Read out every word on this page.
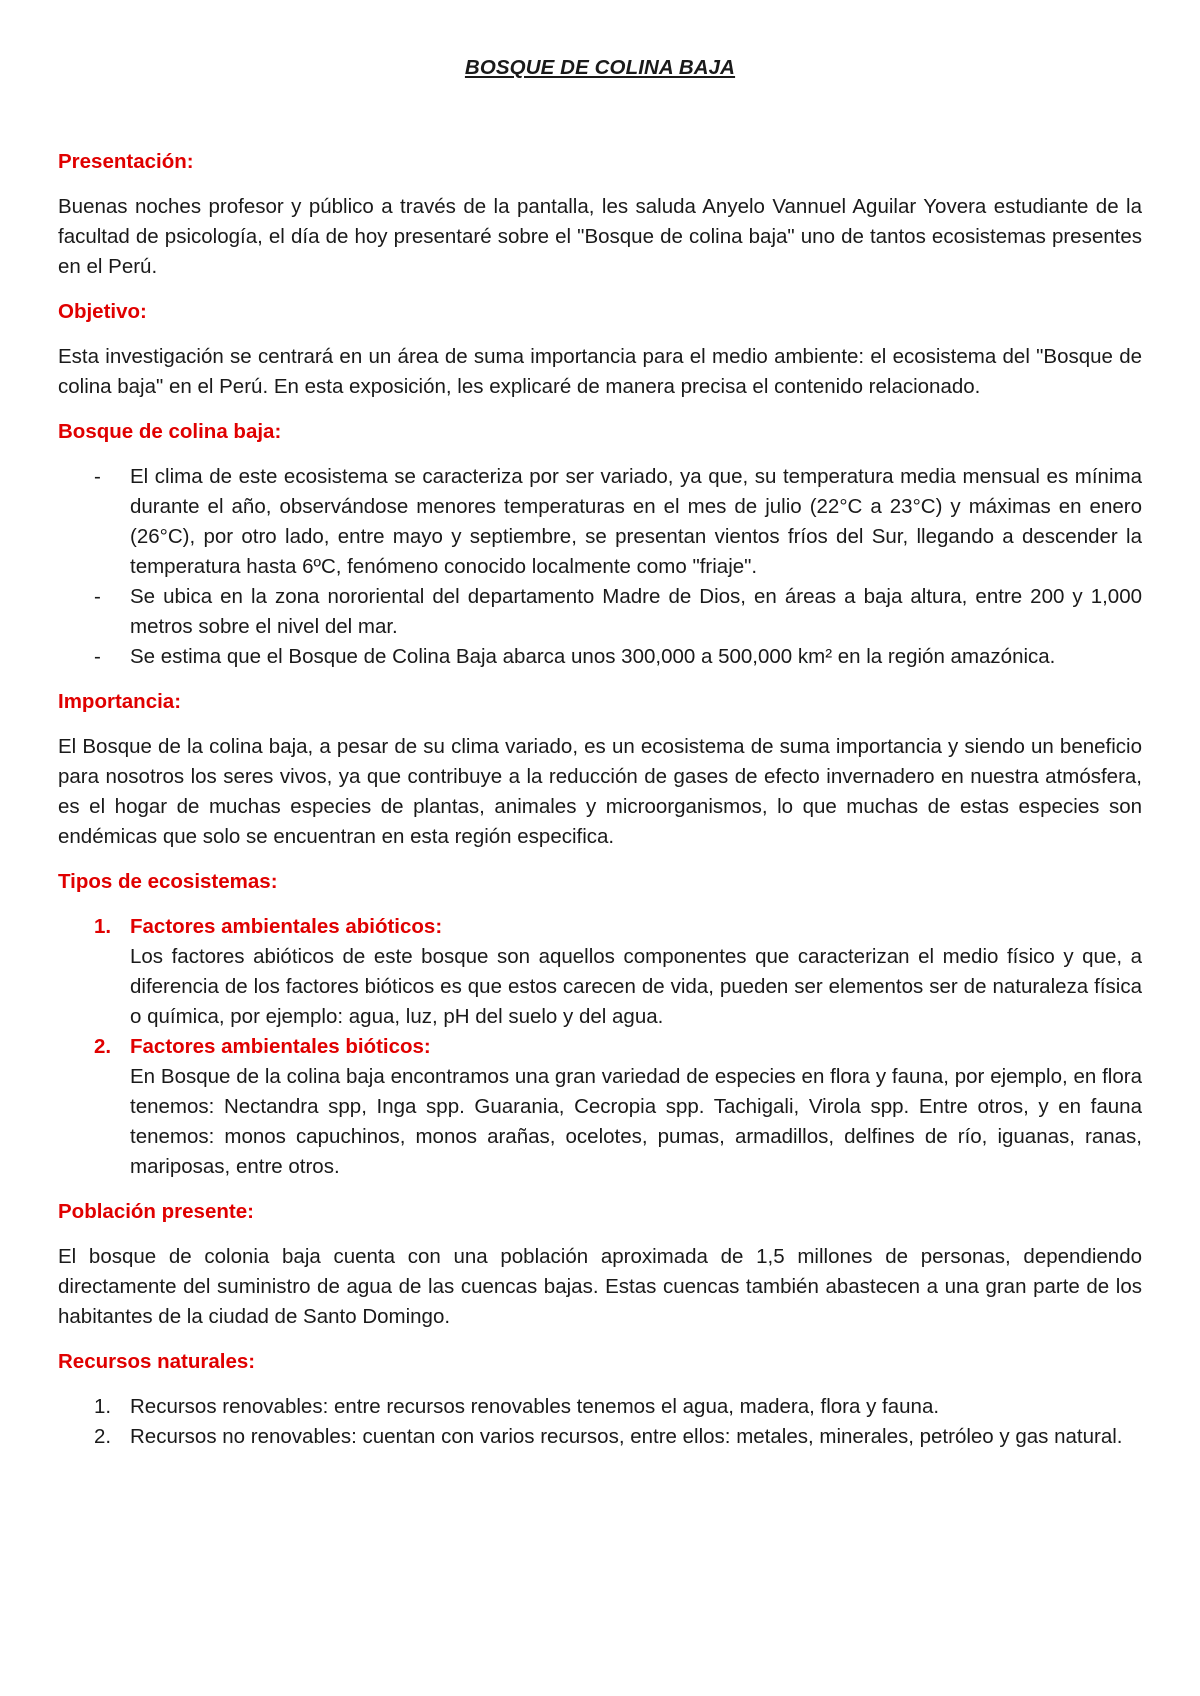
BOSQUE DE COLINA BAJA
Presentación:

Buenas noches profesor y público a través de la pantalla, les saluda Anyelo Vannuel Aguilar Yovera estudiante de la facultad de psicología, el día de hoy presentaré sobre el "Bosque de colina baja" uno de tantos ecosistemas presentes en el Perú.

Objetivo:

Esta investigación se centrará en un área de suma importancia para el medio ambiente: el ecosistema del "Bosque de colina baja" en el Perú. En esta exposición, les explicaré de manera precisa el contenido relacionado.

Bosque de colina baja:
- El clima de este ecosistema se caracteriza por ser variado, ya que, su temperatura media mensual es mínima durante el año, observándose menores temperaturas en el mes de julio (22°C a 23°C) y máximas en enero (26°C), por otro lado, entre mayo y septiembre, se presentan vientos fríos del Sur, llegando a descender la temperatura hasta 6ºC, fenómeno conocido localmente como "friaje".
- Se ubica en la zona nororiental del departamento Madre de Dios, en áreas a baja altura, entre 200 y 1,000 metros sobre el nivel del mar.
- Se estima que el Bosque de Colina Baja abarca unos 300,000 a 500,000 km² en la región amazónica.
Importancia:

El Bosque de la colina baja, a pesar de su clima variado, es un ecosistema de suma importancia y siendo un beneficio para nosotros los seres vivos, ya que contribuye a la reducción de gases de efecto invernadero en nuestra atmósfera, es el hogar de muchas especies de plantas, animales y microorganismos, lo que muchas de estas especies son endémicas que solo se encuentran en esta región especifica.

Tipos de ecosistemas:
1. Factores ambientales abióticos:
Los factores abióticos de este bosque son aquellos componentes que caracterizan el medio físico y que, a diferencia de los factores bióticos es que estos carecen de vida, pueden ser elementos ser de naturaleza física o química, por ejemplo: agua, luz, pH del suelo y del agua.
2. Factores ambientales bióticos:
En Bosque de la colina baja encontramos una gran variedad de especies en flora y fauna, por ejemplo, en flora tenemos: Nectandra spp, Inga spp. Guarania, Cecropia spp. Tachigali, Virola spp. Entre otros, y en fauna tenemos: monos capuchinos, monos arañas, ocelotes, pumas, armadillos, delfines de río, iguanas, ranas, mariposas, entre otros.
Población presente:

El bosque de colonia baja cuenta con una población aproximada de 1,5 millones de personas, dependiendo directamente del suministro de agua de las cuencas bajas. Estas cuencas también abastecen a una gran parte de los habitantes de la ciudad de Santo Domingo.

Recursos naturales:
1. Recursos renovables: entre recursos renovables tenemos el agua, madera, flora y fauna.
2. Recursos no renovables: cuentan con varios recursos, entre ellos: metales, minerales, petróleo y gas natural.
